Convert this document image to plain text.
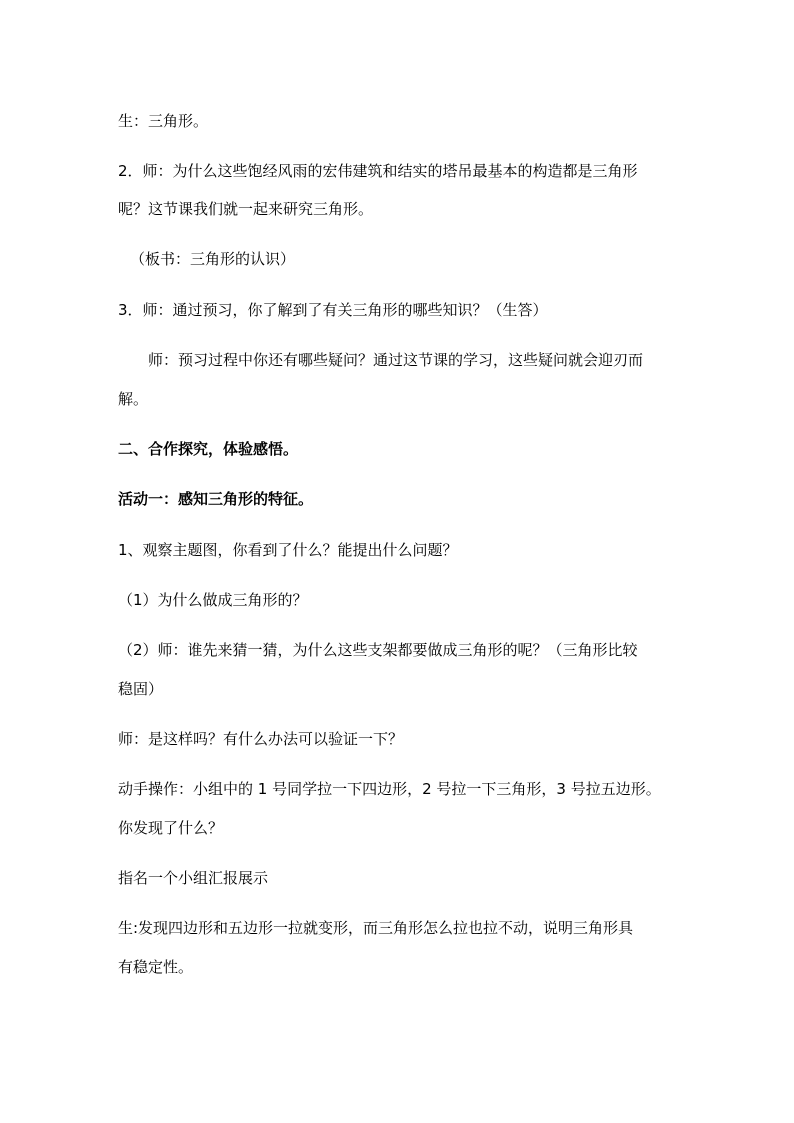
生：三角形。
2．师：为什么这些饱经风雨的宏伟建筑和结实的塔吊最基本的构造都是三角形
呢？这节课我们就一起来研究三角形。
（板书：三角形的认识）
3．师：通过预习，你了解到了有关三角形的哪些知识？（生答）
师：预习过程中你还有哪些疑问？通过这节课的学习，这些疑问就会迎刃而
解。
二、合作探究，体验感悟。
活动一：感知三角形的特征。
1、观察主题图，你看到了什么？能提出什么问题？
（1）为什么做成三角形的？
（2）师：谁先来猜一猜，为什么这些支架都要做成三角形的呢？（三角形比较
稳固）
师：是这样吗？有什么办法可以验证一下？
动手操作：小组中的 1 号同学拉一下四边形，2 号拉一下三角形，3 号拉五边形。
你发现了什么？
指名一个小组汇报展示
生:发现四边形和五边形一拉就变形，而三角形怎么拉也拉不动，说明三角形具
有稳定性。
